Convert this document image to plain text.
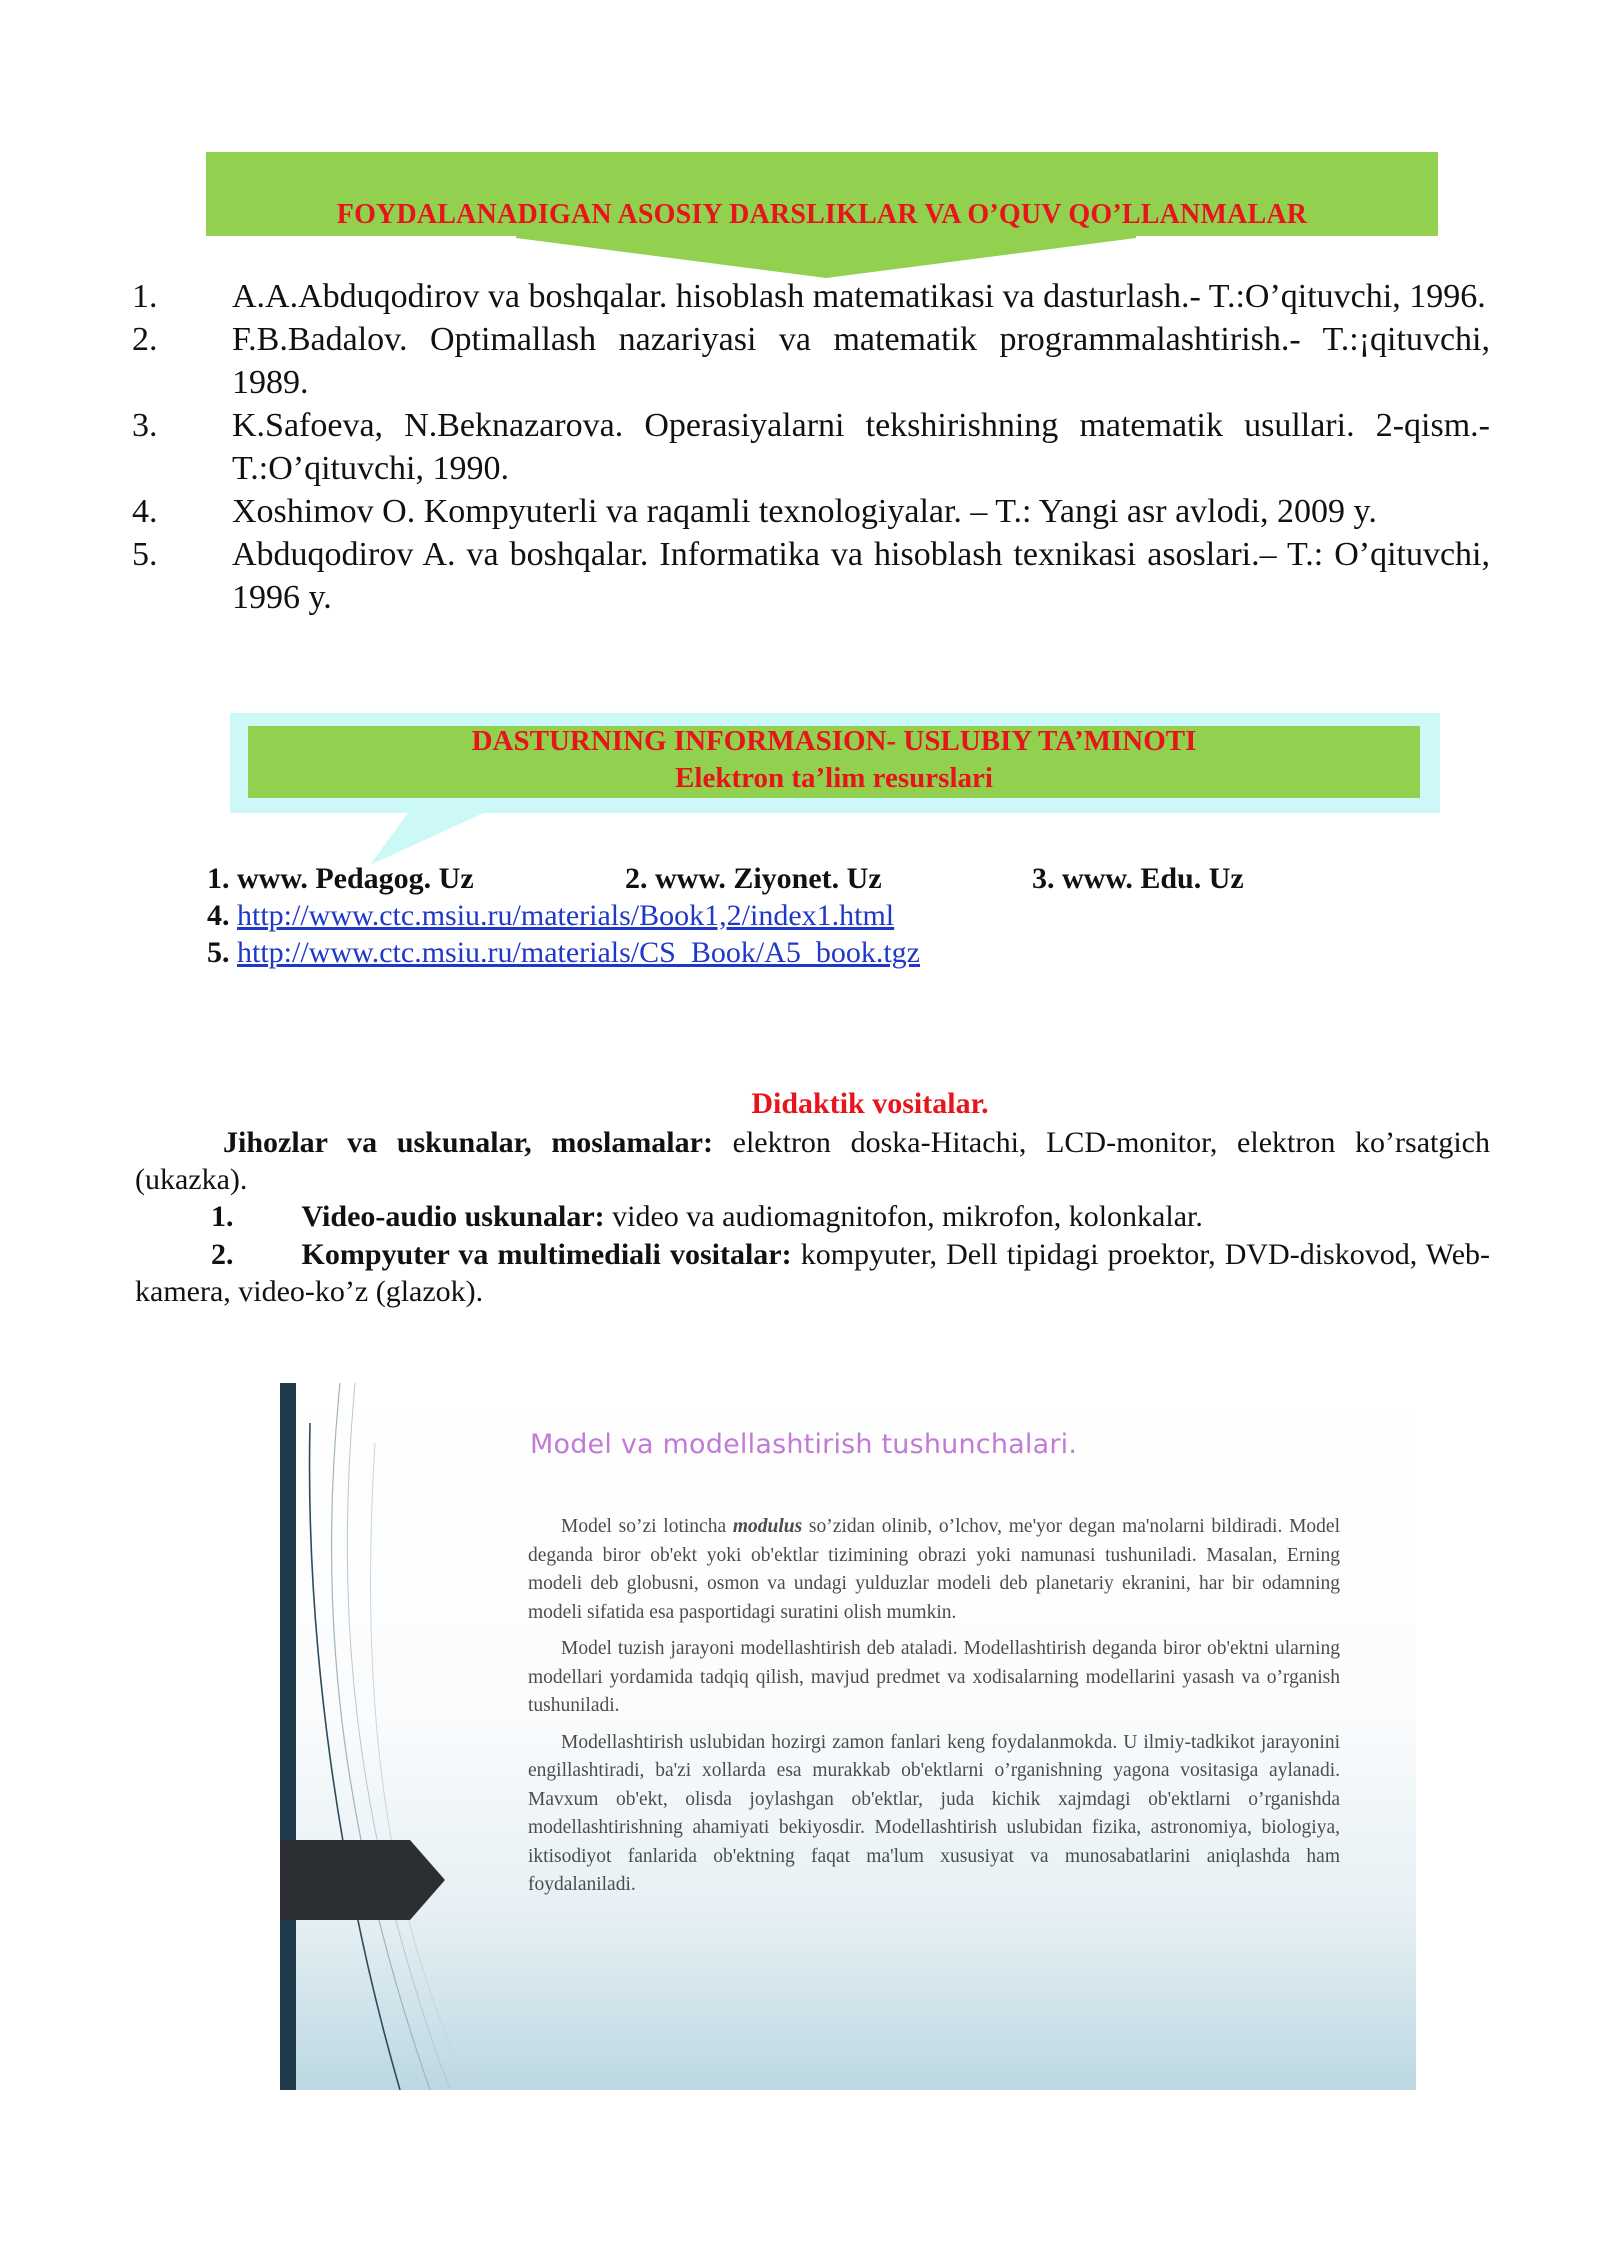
FOYDALANADIGAN ASOSIY DARSLIKLAR VA O’QUV QO’LLANMALAR
1. A.A.Abduqodirov va boshqalar. hisoblash matematikasi va dasturlash.- T.:O’qituvchi, 1996.
2. F.B.Badalov. Optimallash nazariyasi va matematik programmalashtirish.- T.:¡qituvchi, 1989.
3. K.Safoeva, N.Beknazarova. Operasiyalarni tekshirishning matematik usullari. 2-qism.-T.:O’qituvchi, 1990.
4. Xoshimov O. Kompyuterli va raqamli texnologiyalar. – T.: Yangi asr avlodi, 2009 y.
5. Abduqodirov A. va boshqalar. Informatika va hisoblash texnikasi asoslari.– T.: O’qituvchi, 1996 y.
DASTURNING INFORMASION- USLUBIY TA’MINOTI
Elektron ta’lim resurslari
1. www. Pedagog. Uz	2. www. Ziyonet. Uz	3. www. Edu. Uz
4. http://www.ctc.msiu.ru/materials/Book1,2/index1.html
5. http://www.ctc.msiu.ru/materials/CS_Book/A5_book.tgz
Didaktik vositalar.
Jihozlar va uskunalar, moslamalar: elektron doska-Hitachi, LCD-monitor, elektron ko’rsatgich (ukazka).
1. Video-audio uskunalar: video va audiomagnitofon, mikrofon, kolonkalar.
2. Kompyuter va multimediali vositalar: kompyuter, Dell tipidagi proektor, DVD-diskovod, Web-kamera, video-ko’z (glazok).
Model va modellashtirish tushunchalari.

Model so’zi lotincha modulus so’zidan olinib, o’lchov, me'yor degan ma'nolarni bildiradi. Model deganda biror ob'ekt yoki ob'ektlar tizimining obrazi yoki namunasi tushuniladi. Masalan, Erning modeli deb globusni, osmon va undagi yulduzlar modeli deb planetariy ekranini, har bir odamning modeli sifatida esa pasportidagi suratini olish mumkin.

Model tuzish jarayoni modellashtirish deb ataladi. Modellashtirish deganda biror ob'ektni ularning modellari yordamida tadqiq qilish, mavjud predmet va xodisalarning modellarini yasash va o’rganish tushuniladi.

Modellashtirish uslubidan hozirgi zamon fanlari keng foydalanmokda. U ilmiy-tadkikot jarayonini engillashtiradi, ba'zi xollarda esa murakkab ob'ektlarni o’rganishning yagona vositasiga aylanadi. Mavxum ob'ekt, olisda joylashgan ob'ektlar, juda kichik xajmdagi ob'ektlarni o’rganishda modellashtirishning ahamiyati bekiyosdir. Modellashtirish uslubidan fizika, astronomiya, biologiya, iktisodiyot fanlarida ob'ektning faqat ma'lum xususiyat va munosabatlarini aniqlashda ham foydalaniladi.
